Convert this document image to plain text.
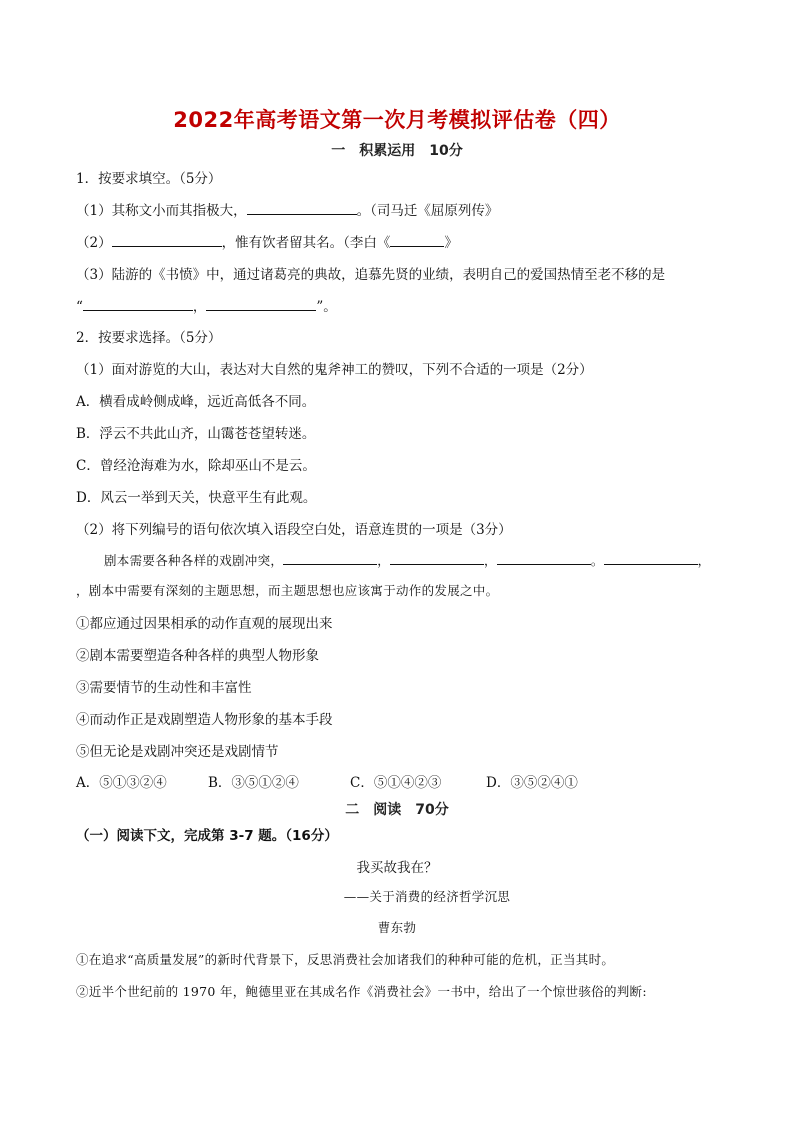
2022年高考语文第一次月考模拟评估卷（四）
一　积累运用　10分
1．按要求填空。（5分）
（1）其称文小而其指极大，	。（司马迁《屈原列传》
（2）	，惟有饮者留其名。（李白《	》
（3）陆游的《书愤》中，通过诸葛亮的典故，追慕先贤的业绩，表明自己的爱国热情至老不移的是
“	，	”。
2．按要求选择。（5分）
（1）面对游览的大山，表达对大自然的鬼斧神工的赞叹，下列不合适的一项是（2分）
A．横看成岭侧成峰，远近高低各不同。
B．浮云不共此山齐，山霭苍苍望转迷。
C．曾经沧海难为水，除却巫山不是云。
D．风云一举到天关，快意平生有此观。
（2）将下列编号的语句依次填入语段空白处，语意连贯的一项是（3分）
剧本需要各种各样的戏剧冲突，	，	，	。	，
，剧本中需要有深刻的主题思想，而主题思想也应该寓于动作的发展之中。
①都应通过因果相承的动作直观的展现出来
②剧本需要塑造各种各样的典型人物形象
③需要情节的生动性和丰富性
④而动作正是戏剧塑造人物形象的基本手段
⑤但无论是戏剧冲突还是戏剧情节
A．⑤①③②④	B．③⑤①②④	C．⑤①④②③	D．③⑤②④①
二　阅读　70分
（一）阅读下文，完成第 3-7 题。（16分）
我买故我在？
——关于消费的经济哲学沉思
曹东勃
①在追求“高质量发展”的新时代背景下，反思消费社会加诸我们的种种可能的危机，正当其时。
②近半个世纪前的 1970 年，鲍德里亚在其成名作《消费社会》一书中，给出了一个惊世骇俗的判断:
